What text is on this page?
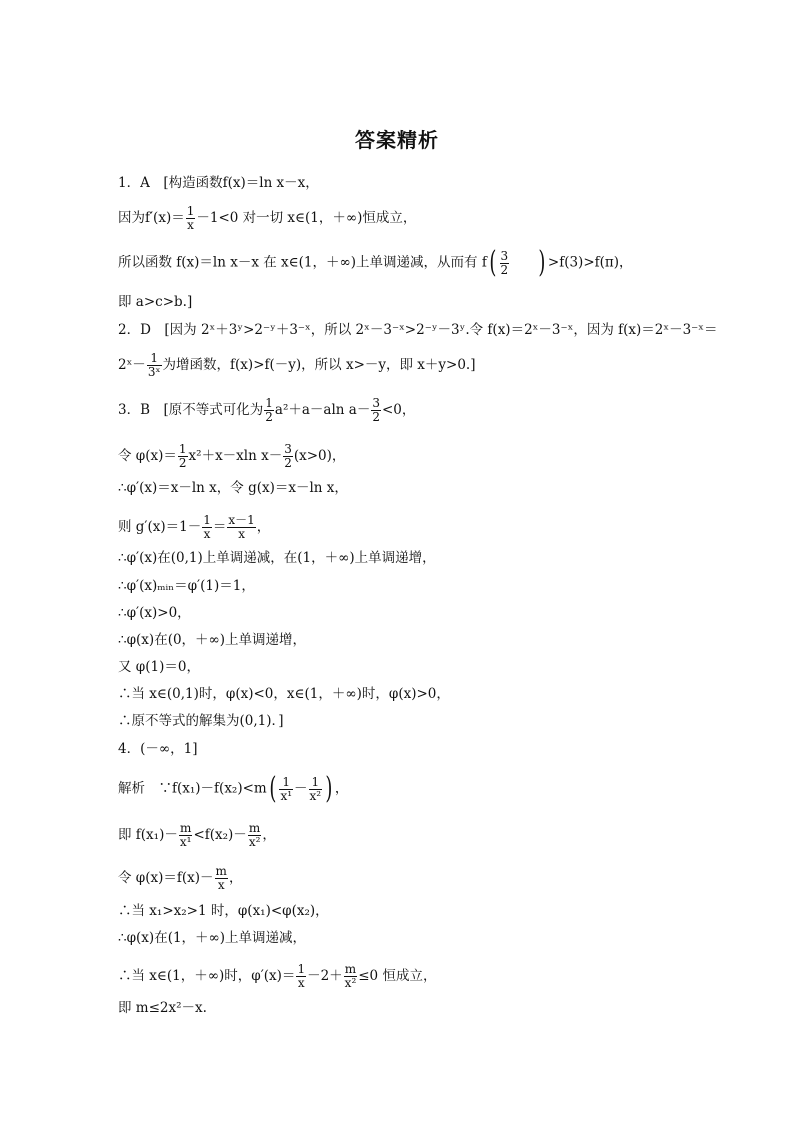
答案精析
1．A　[构造函数f(x)＝ln x－x，
因为$f'(x)= \frac{1}{x} -1<0$ 对一切 x∈(1，＋∞)恒成立，
所以函数 f(x)＝ln x－x 在 x∈(1，＋∞)上单调递减，从而有 $f( \frac{3}{2}$ ) >f(3)>f(π)，
即 a>c>b.]
2．D　[因为 2ˣ＋3ʸ>2⁻ʸ＋3⁻ˣ，所以 2ˣ－3⁻ˣ>2⁻ʸ－3ʸ.令 f(x)＝2ˣ－3⁻ˣ，因为 f(x)＝2ˣ－3⁻ˣ＝
2ˣ－ $\frac{1}{\text{3ˣ}}$ 为增函数，f(x)>f(－y)，所以 x>－y，即 x＋y>0.]
3．B　[原不等式可化为 $\frac{1}{2} a^2+a-aln$ $a- \frac{3}{2} <0$，
令 $\varphi(x)= \frac{1}{2} x^2+x-xln$ $x- \frac{3}{2} (x>0)$，
∴φ′(x)＝x－ln x，令 g(x)＝x－ln x，
则 $g'(x)=1- \frac{1}{x} = \frac{x-1}{x}$ ，
∴φ′(x)在(0,1)上单调递减，在(1，＋∞)上单调递增，
∴φ′(x)ₘᵢₙ＝φ′(1)＝1，
∴φ′(x)>0，
∴φ(x)在(0，＋∞)上单调递增，
又 φ(1)＝0，
∴当 x∈(0,1)时，φ(x)<0，x∈(1，＋∞)时，φ(x)>0，
∴原不等式的解集为(0,1)．]
4．(－∞，1]
解析　∵f(x₁)－f(x₂)<m( $\frac{1}{\text{x¹}} - \frac{1}{\text{x²}}$ ) ，
即 $f(x_1)- \frac{m}{\text{x¹}} <f(x_2)- \frac{m}{\text{x²}}$ ，
令 $\varphi(x)=f(x)- \frac{m}{x}$ ，
∴当 x₁>x₂>1 时，φ(x₁)<φ(x₂)，
∴φ(x)在(1，＋∞)上单调递减，
∴当 x∈(1，＋∞)时，$\varphi'(x)= \frac{1}{x} -2+ \frac{m}{\text{x²}} \le 0$ 恒成立，
即 m≤2x²－x.
